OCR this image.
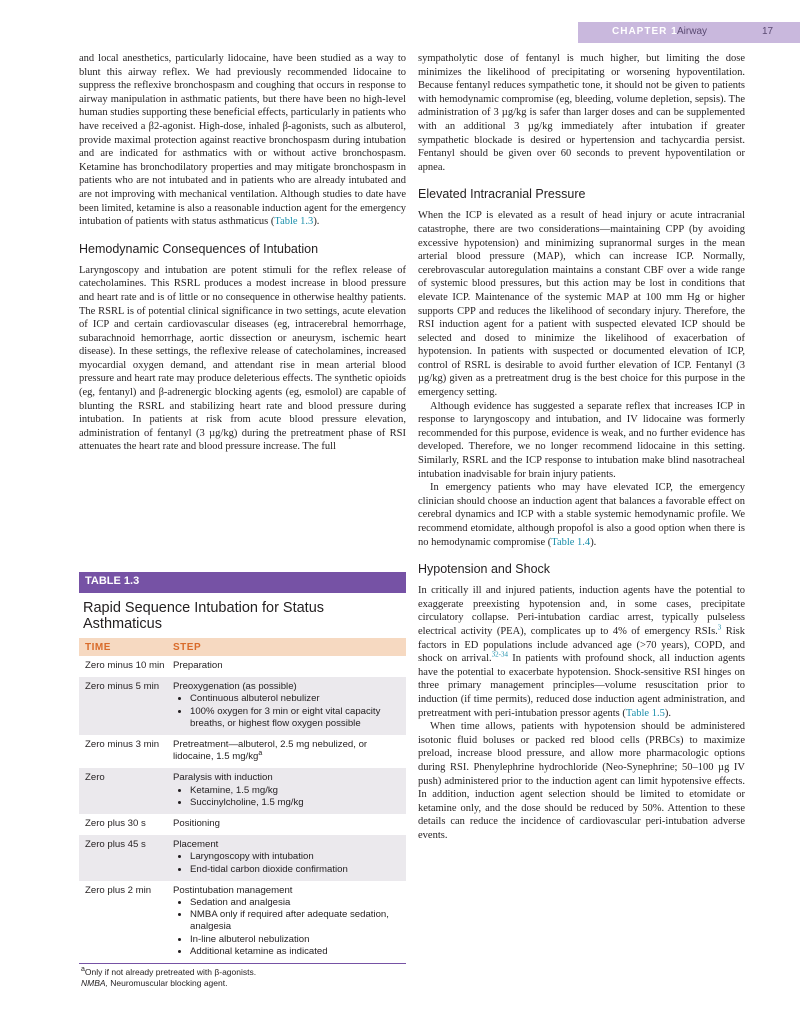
CHAPTER 1 Airway	17

and local anesthetics, particularly lidocaine, have been studied as a way to blunt this airway reflex. We had previously recommended lidocaine to suppress the reflexive bronchospasm and coughing that occurs in response to airway manipulation in asthmatic patients, but there have been no high-level human studies supporting these beneficial effects, particularly in patients who have received a β2-agonist. High-dose, inhaled β-agonists, such as albuterol, provide maximal protection against reactive bronchospasm during intubation and are indicated for asthmatics with or without active bronchospasm. Ketamine has bronchodilatory properties and may mitigate bronchospasm in patients who are not intubated and in patients who are already intubated and are not improving with mechanical ventilation. Although studies to date have been limited, ketamine is also a reasonable induction agent for the emergency intubation of patients with status asthmaticus (Table 1.3).

Hemodynamic Consequences of Intubation

Laryngoscopy and intubation are potent stimuli for the reflex release of catecholamines. This RSRL produces a modest increase in blood pressure and heart rate and is of little or no consequence in otherwise healthy patients. The RSRL is of potential clinical significance in two settings, acute elevation of ICP and certain cardiovascular diseases (eg, intracerebral hemorrhage, subarachnoid hemorrhage, aortic dissection or aneurysm, ischemic heart disease). In these settings, the reflexive release of catecholamines, increased myocardial oxygen demand, and attendant rise in mean arterial blood pressure and heart rate may produce deleterious effects. The synthetic opioids (eg, fentanyl) and β-adrenergic blocking agents (eg, esmolol) are capable of blunting the RSRL and stabilizing heart rate and blood pressure during intubation. In patients at risk from acute blood pressure elevation, administration of fentanyl (3 µg/kg) during the pretreatment phase of RSI attenuates the heart rate and blood pressure increase. The full

TABLE 1.3
Rapid Sequence Intubation for Status Asthmaticus
TIME	STEP
Zero minus 10 min Preparation
Zero minus 5 min	Preoxygenation (as possible)
• Continuous albuterol nebulizer
• 100% oxygen for 3 min or eight vital capacity breaths, or highest flow oxygen possible
Zero minus 3 min	Pretreatment—albuterol, 2.5 mg nebulized, or lidocaine, 1.5 $mg/kg^a$
Zero	Paralysis with induction
• Ketamine, 1.5 mg/kg
• Succinylcholine, 1.5 mg/kg
Zero plus 30 s	Positioning
Zero plus 45 s	Placement
• Laryngoscopy with intubation
• End-tidal carbon dioxide confirmation
Zero plus 2 min	Postintubation management
• Sedation and analgesia
• NMBA only if required after adequate sedation, analgesia
• In-line albuterol nebulization
• Additional ketamine as indicated
$^a$Only if not already pretreated with β-agonists.
NMBA, Neuromuscular blocking agent.

sympatholytic dose of fentanyl is much higher, but limiting the dose minimizes the likelihood of precipitating or worsening hypoventilation. Because fentanyl reduces sympathetic tone, it should not be given to patients with hemodynamic compromise (eg, bleeding, volume depletion, sepsis). The administration of 3 µg/kg is safer than larger doses and can be supplemented with an additional 3 µg/kg immediately after intubation if greater sympathetic blockade is desired or hypertension and tachycardia persist. Fentanyl should be given over 60 seconds to prevent hypoventilation or apnea.

Elevated Intracranial Pressure

When the ICP is elevated as a result of head injury or acute intracranial catastrophe, there are two considerations—maintaining CPP (by avoiding excessive hypotension) and minimizing supranormal surges in the mean arterial blood pressure (MAP), which can increase ICP. Normally, cerebrovascular autoregulation maintains a constant CBF over a wide range of systemic blood pressures, but this action may be lost in conditions that elevate ICP. Maintenance of the systemic MAP at 100 mm Hg or higher supports CPP and reduces the likelihood of secondary injury. Therefore, the RSI induction agent for a patient with suspected elevated ICP should be selected and dosed to minimize the likelihood of exacerbation of hypotension. In patients with suspected or documented elevation of ICP, control of RSRL is desirable to avoid further elevation of ICP. Fentanyl (3 µg/kg) given as a pretreatment drug is the best choice for this purpose in the emergency setting.

Although evidence has suggested a separate reflex that increases ICP in response to laryngoscopy and intubation, and IV lidocaine was formerly recommended for this purpose, evidence is weak, and no further evidence has developed. Therefore, we no longer recommend lidocaine in this setting. Similarly, RSRL and the ICP response to intubation make blind nasotracheal intubation inadvisable for brain injury patients.

In emergency patients who may have elevated ICP, the emergency clinician should choose an induction agent that balances a favorable effect on cerebral dynamics and ICP with a stable systemic hemodynamic profile. We recommend etomidate, although propofol is also a good option when there is no hemodynamic compromise (Table 1.4).

Hypotension and Shock

In critically ill and injured patients, induction agents have the potential to exaggerate preexisting hypotension and, in some cases, precipitate circulatory collapse. Peri-intubation cardiac arrest, typically pulseless electrical activity (PEA), complicates up to 4% of emergency RSIs.$^3$ Risk factors in ED populations include advanced age (>70 years), COPD, and shock on arrival.$^{32-34}$ In patients with profound shock, all induction agents have the potential to exacerbate hypotension. Shock-sensitive RSI hinges on three primary management principles—volume resuscitation prior to induction (if time permits), reduced dose induction agent administration, and pretreatment with peri-intubation pressor agents (Table 1.5).

When time allows, patients with hypotension should be administered isotonic fluid boluses or packed red blood cells (PRBCs) to maximize preload, increase blood pressure, and allow more pharmacologic options during RSI. Phenylephrine hydrochloride (Neo-Synephrine; 50–100 µg IV push) administered prior to the induction agent can limit hypotensive effects. In addition, induction agent selection should be limited to etomidate or ketamine only, and the dose should be reduced by 50%. Attention to these details can reduce the incidence of cardiovascular peri-intubation adverse events.
